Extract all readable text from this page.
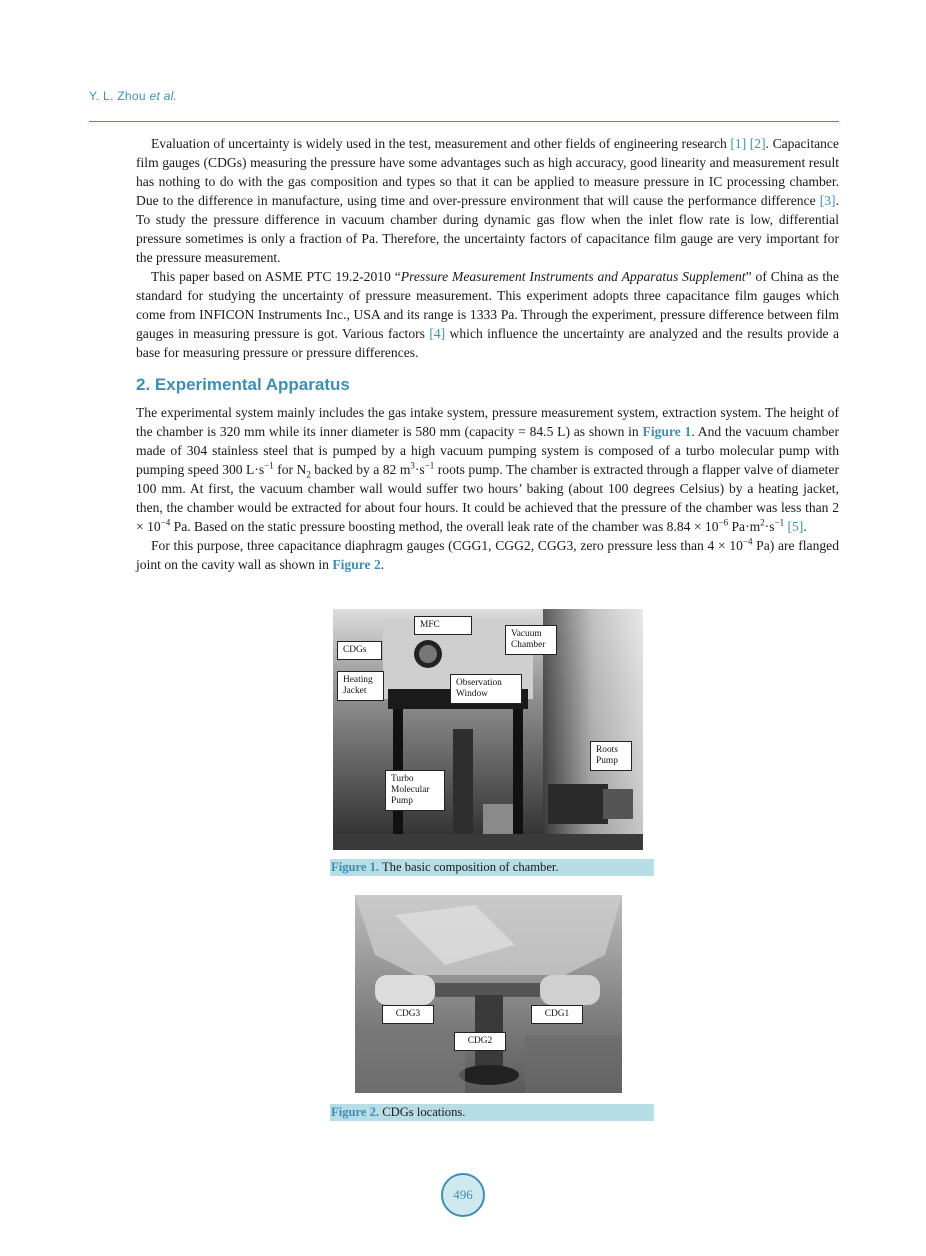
Y. L. Zhou et al.

Evaluation of uncertainty is widely used in the test, measurement and other fields of engineering research [1] [2]. Capacitance film gauges (CDGs) measuring the pressure have some advantages such as high accuracy, good linearity and measurement result has nothing to do with the gas composition and types so that it can be applied to measure pressure in IC processing chamber. Due to the difference in manufacture, using time and over-pressure environment that will cause the performance difference [3]. To study the pressure difference in vacuum chamber during dynamic gas flow when the inlet flow rate is low, differential pressure sometimes is only a fraction of Pa. Therefore, the uncertainty factors of capacitance film gauge are very important for the pressure measurement.

This paper based on ASME PTC 19.2-2010 “Pressure Measurement Instruments and Apparatus Supplement” of China as the standard for studying the uncertainty of pressure measurement. This experiment adopts three capacitance film gauges which come from INFICON Instruments Inc., USA and its range is 1333 Pa. Through the experiment, pressure difference between film gauges in measuring pressure is got. Various factors [4] which influence the uncertainty are analyzed and the results provide a base for measuring pressure or pressure differences.

2. Experimental Apparatus

The experimental system mainly includes the gas intake system, pressure measurement system, extraction system. The height of the chamber is 320 mm while its inner diameter is 580 mm (capacity = 84.5 L) as shown in Figure 1. And the vacuum chamber made of 304 stainless steel that is pumped by a high vacuum pumping system is composed of a turbo molecular pump with pumping speed 300 $L\cdot s^{-1}$ for $N_2$ backed by a 82 $m^3\cdot s^{-1}$ roots pump. The chamber is extracted through a flapper valve of diameter 100 mm. At first, the vacuum chamber wall would suffer two hours’ baking (about 100 degrees Celsius) by a heating jacket, then, the chamber would be extracted for about four hours. It could be achieved that the pressure of the chamber was less than $2 \times 10^{-4}$ Pa. Based on the static pressure boosting method, the overall leak rate of the chamber was $8.84 \times 10^{-6}$ $Pa\cdot m^2\cdot s^{-1}$ [5].

For this purpose, three capacitance diaphragm gauges (CGG1, CGG2, CGG3, zero pressure less than $4 \times 10^{-4}$ Pa) are flanged joint on the cavity wall as shown in Figure 2.

MFC
Vacuum
Chamber
CDGs
Heating
Jacket
Observation
Window
Roots
Pump
Turbo
Molecular
Pump
Figure 1. The basic composition of chamber.
CDG3	CDG1
CDG2
Figure 2. CDGs locations.
496
